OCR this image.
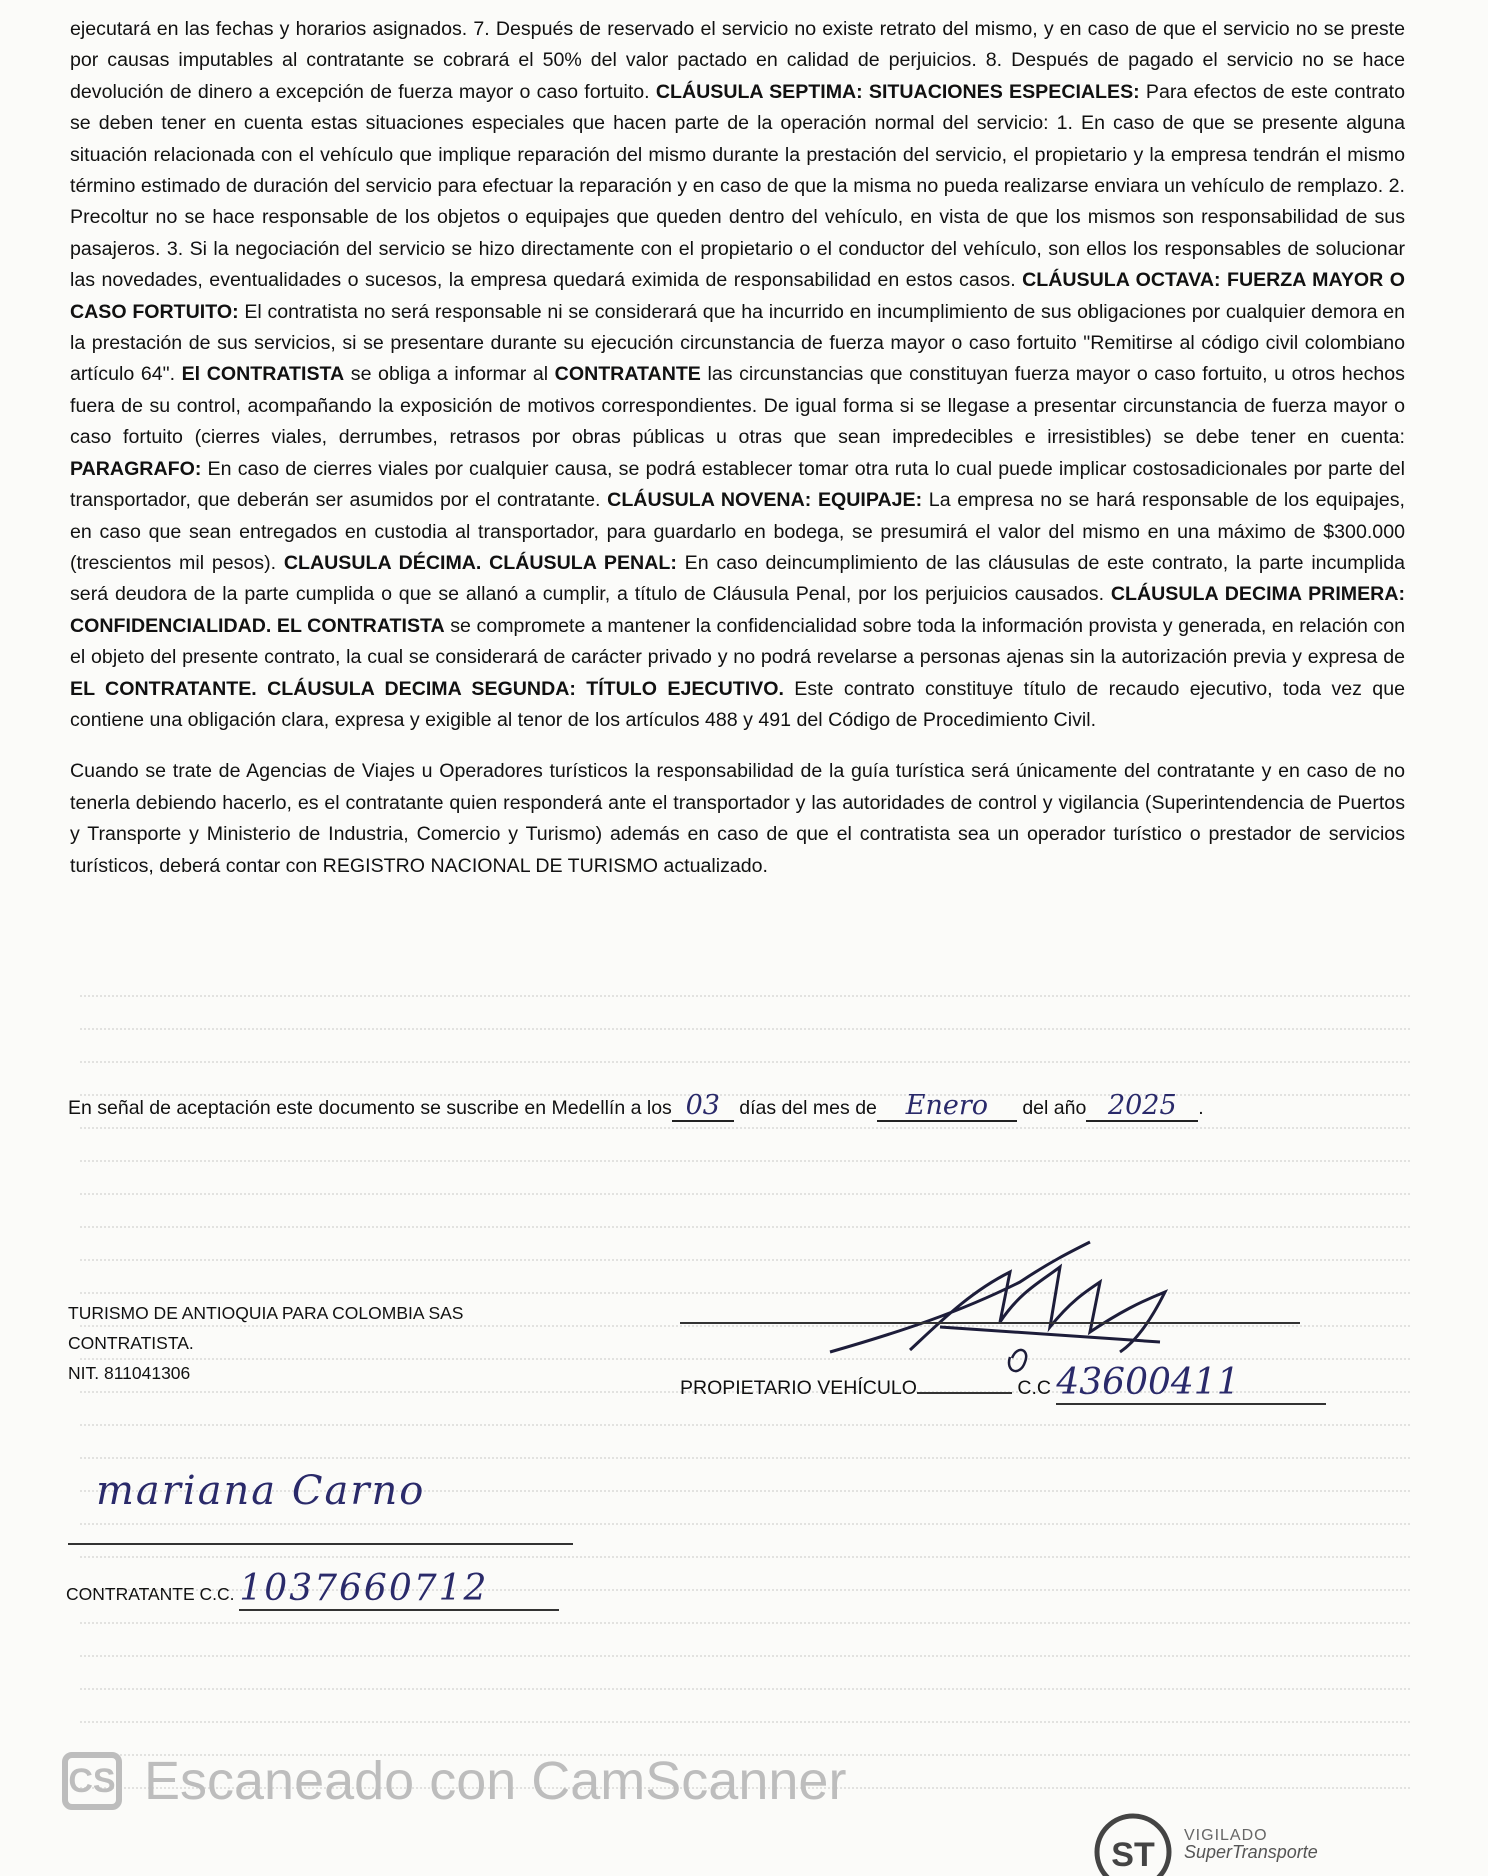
ejecutará en las fechas y horarios asignados. 7. Después de reservado el servicio no existe retrato del mismo, y en caso de que el servicio no se preste por causas imputables al contratante se cobrará el 50% del valor pactado en calidad de perjuicios. 8. Después de pagado el servicio no se hace devolución de dinero a excepción de fuerza mayor o caso fortuito. CLÁUSULA SEPTIMA: SITUACIONES ESPECIALES: Para efectos de este contrato se deben tener en cuenta estas situaciones especiales que hacen parte de la operación normal del servicio: 1. En caso de que se presente alguna situación relacionada con el vehículo que implique reparación del mismo durante la prestación del servicio, el propietario y la empresa tendrán el mismo término estimado de duración del servicio para efectuar la reparación y en caso de que la misma no pueda realizarse enviara un vehículo de remplazo. 2. Precoltur no se hace responsable de los objetos o equipajes que queden dentro del vehículo, en vista de que los mismos son responsabilidad de sus pasajeros. 3. Si la negociación del servicio se hizo directamente con el propietario o el conductor del vehículo, son ellos los responsables de solucionar las novedades, eventualidades o sucesos, la empresa quedará eximida de responsabilidad en estos casos. CLÁUSULA OCTAVA: FUERZA MAYOR O CASO FORTUITO: El contratista no será responsable ni se considerará que ha incurrido en incumplimiento de sus obligaciones por cualquier demora en la prestación de sus servicios, si se presentare durante su ejecución circunstancia de fuerza mayor o caso fortuito "Remitirse al código civil colombiano artículo 64". El CONTRATISTA se obliga a informar al CONTRATANTE las circunstancias que constituyan fuerza mayor o caso fortuito, u otros hechos fuera de su control, acompañando la exposición de motivos correspondientes. De igual forma si se llegase a presentar circunstancia de fuerza mayor o caso fortuito (cierres viales, derrumbes, retrasos por obras públicas u otras que sean impredecibles e irresistibles) se debe tener en cuenta: PARAGRAFO: En caso de cierres viales por cualquier causa, se podrá establecer tomar otra ruta lo cual puede implicar costosadicionales por parte del transportador, que deberán ser asumidos por el contratante. CLÁUSULA NOVENA: EQUIPAJE: La empresa no se hará responsable de los equipajes, en caso que sean entregados en custodia al transportador, para guardarlo en bodega, se presumirá el valor del mismo en una máximo de $300.000 (trescientos mil pesos). CLAUSULA DÉCIMA. CLÁUSULA PENAL: En caso deincumplimiento de las cláusulas de este contrato, la parte incumplida será deudora de la parte cumplida o que se allanó a cumplir, a título de Cláusula Penal, por los perjuicios causados. CLÁUSULA DECIMA PRIMERA: CONFIDENCIALIDAD. EL CONTRATISTA se compromete a mantener la confidencialidad sobre toda la información provista y generada, en relación con el objeto del presente contrato, la cual se considerará de carácter privado y no podrá revelarse a personas ajenas sin la autorización previa y expresa de EL CONTRATANTE. CLÁUSULA DECIMA SEGUNDA: TÍTULO EJECUTIVO. Este contrato constituye título de recaudo ejecutivo, toda vez que contiene una obligación clara, expresa y exigible al tenor de los artículos 488 y 491 del Código de Procedimiento Civil.

Cuando se trate de Agencias de Viajes u Operadores turísticos la responsabilidad de la guía turística será únicamente del contratante y en caso de no tenerla debiendo hacerlo, es el contratante quien responderá ante el transportador y las autoridades de control y vigilancia (Superintendencia de Puertos y Transporte y Ministerio de Industria, Comercio y Turismo) además en caso de que el contratista sea un operador turístico o prestador de servicios turísticos, deberá contar con REGISTRO NACIONAL DE TURISMO actualizado.

En señal de aceptación este documento se suscribe en Medellín a los 03 días del mes de Enero del año 2025 .
TURISMO DE ANTIOQUIA PARA COLOMBIA SAS
CONTRATISTA.
NIT. 811041306
PROPIETARIO VEHÍCULO	C.C 43600411
mariana Carno
CONTRATANTE C.C. 1037660712
CS Escaneado con CamScanner
ST
VIGILADO
SuperTransporte
